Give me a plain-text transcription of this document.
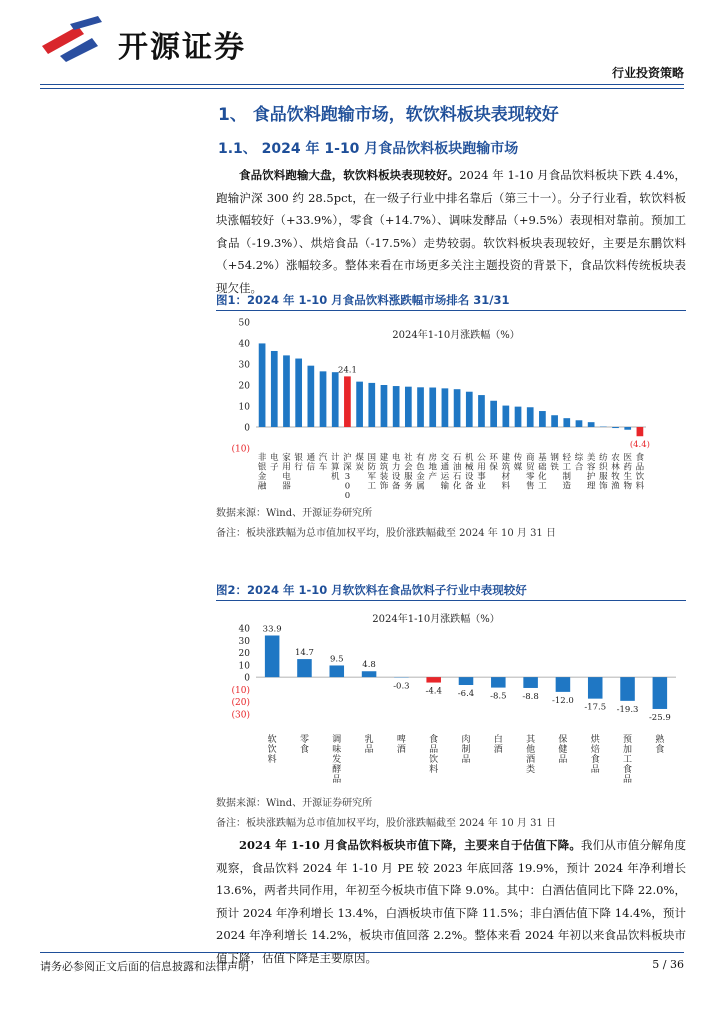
开源证券
行业投资策略
1、 食品饮料跑输市场，软饮料板块表现较好
1.1、 2024 年 1-10 月食品饮料板块跑输市场
食品饮料跑输大盘，软饮料板块表现较好。2024 年 1-10 月食品饮料板块下跌 4.4%，跑输沪深 300 约 28.5pct，在一级子行业中排名靠后（第三十一）。分子行业看，软饮料板块涨幅较好（+33.9%），零食（+14.7%）、调味发酵品（+9.5%）表现相对靠前。预加工食品（-19.3%）、烘焙食品（-17.5%）走势较弱。软饮料板块表现较好，主要是东鹏饮料（+54.2%）涨幅较多。整体来看在市场更多关注主题投资的背景下，食品饮料传统板块表现欠佳。
图1：2024 年 1-10 月食品饮料涨跌幅市场排名 31/31
2024年1-10月涨跌幅（%）
(10)
0
10
20
30
40
50
非银金融
电子
家用电器
银行
通信
汽车
计算机
沪深 3 0 0
24.1
煤炭
国防军工
建筑装饰
电力设备
社会服务
有色金属
房地产
交通运输
石油石化
机械设备
公用事业
环保
建筑材料
传媒
商贸零售
基础化工
钢铁
轻工制造
综合
美容护理
纺织服饰
农林牧渔
医药生物
食品饮料
(4.4)
数据来源：Wind、开源证券研究所
备注：板块涨跌幅为总市值加权平均，股价涨跌幅截至 2024 年 10 月 31 日
图2：2024 年 1-10 月软饮料在食品饮料子行业中表现较好
2024年1-10月涨跌幅（%）
(30)
(20)
(10)
0
10
20
30
40
软饮料
33.9
零食
14.7
调味发酵品
9.5
乳品
4.8
啤酒
-0.3
食品饮料
-4.4
肉制品
-6.4
白酒
-8.5
其他酒类
-8.8
保健品
-12.0
烘焙食品
-17.5
预加工食品
-19.3
熟食
-25.9
数据来源：Wind、开源证券研究所
备注：板块涨跌幅为总市值加权平均，股价涨跌幅截至 2024 年 10 月 31 日
2024 年 1-10 月食品饮料板块市值下降，主要来自于估值下降。我们从市值分解角度观察，食品饮料 2024 年 1-10 月 PE 较 2023 年底回落 19.9%，预计 2024 年净利增长 13.6%，两者共同作用，年初至今板块市值下降 9.0%。其中：白酒估值同比下降 22.0%，预计 2024 年净利增长 13.4%，白酒板块市值下降 11.5%；非白酒估值下降 14.4%，预计 2024 年净利增长 14.2%，板块市值回落 2.2%。整体来看 2024 年初以来食品饮料板块市值下降，估值下降是主要原因。
请务必参阅正文后面的信息披露和法律声明	5 / 36
